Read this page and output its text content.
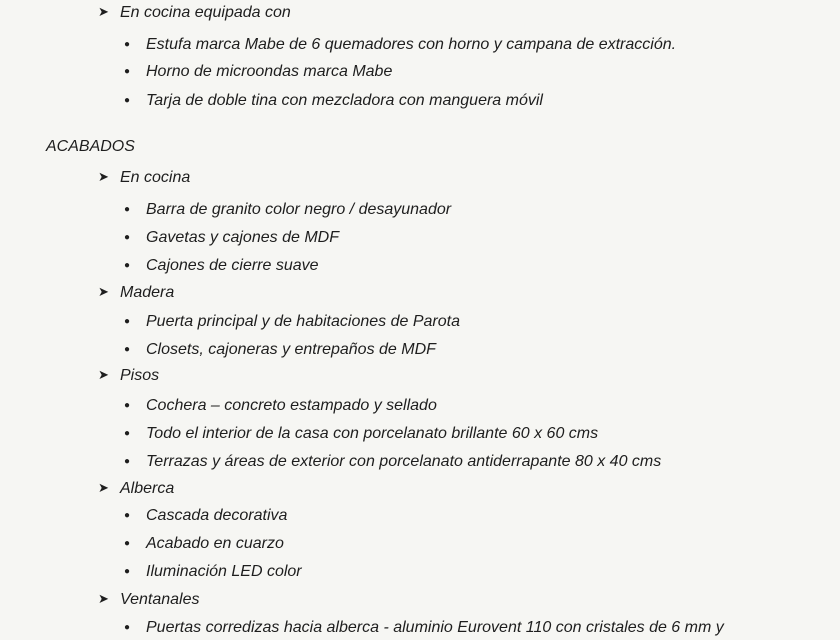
➤ En cocina equipada con
● Estufa marca Mabe de 6 quemadores con horno y campana de extracción.
● Horno de microondas marca Mabe
● Tarja de doble tina con mezcladora con manguera móvil
ACABADOS
➤ En cocina
● Barra de granito color negro / desayunador
● Gavetas y cajones de MDF
● Cajones de cierre suave
➤ Madera
● Puerta principal y de habitaciones de Parota
● Closets, cajoneras y entrepaños de MDF
➤ Pisos
● Cochera – concreto estampado y sellado
● Todo el interior de la casa con porcelanato brillante 60 x 60 cms
● Terrazas y áreas de exterior con porcelanato antiderrapante 80 x 40 cms
➤ Alberca
● Cascada decorativa
● Acabado en cuarzo
● Iluminación LED color
➤ Ventanales
● Puertas corredizas hacia alberca - aluminio Eurovent 110 con cristales de 6 mm y
